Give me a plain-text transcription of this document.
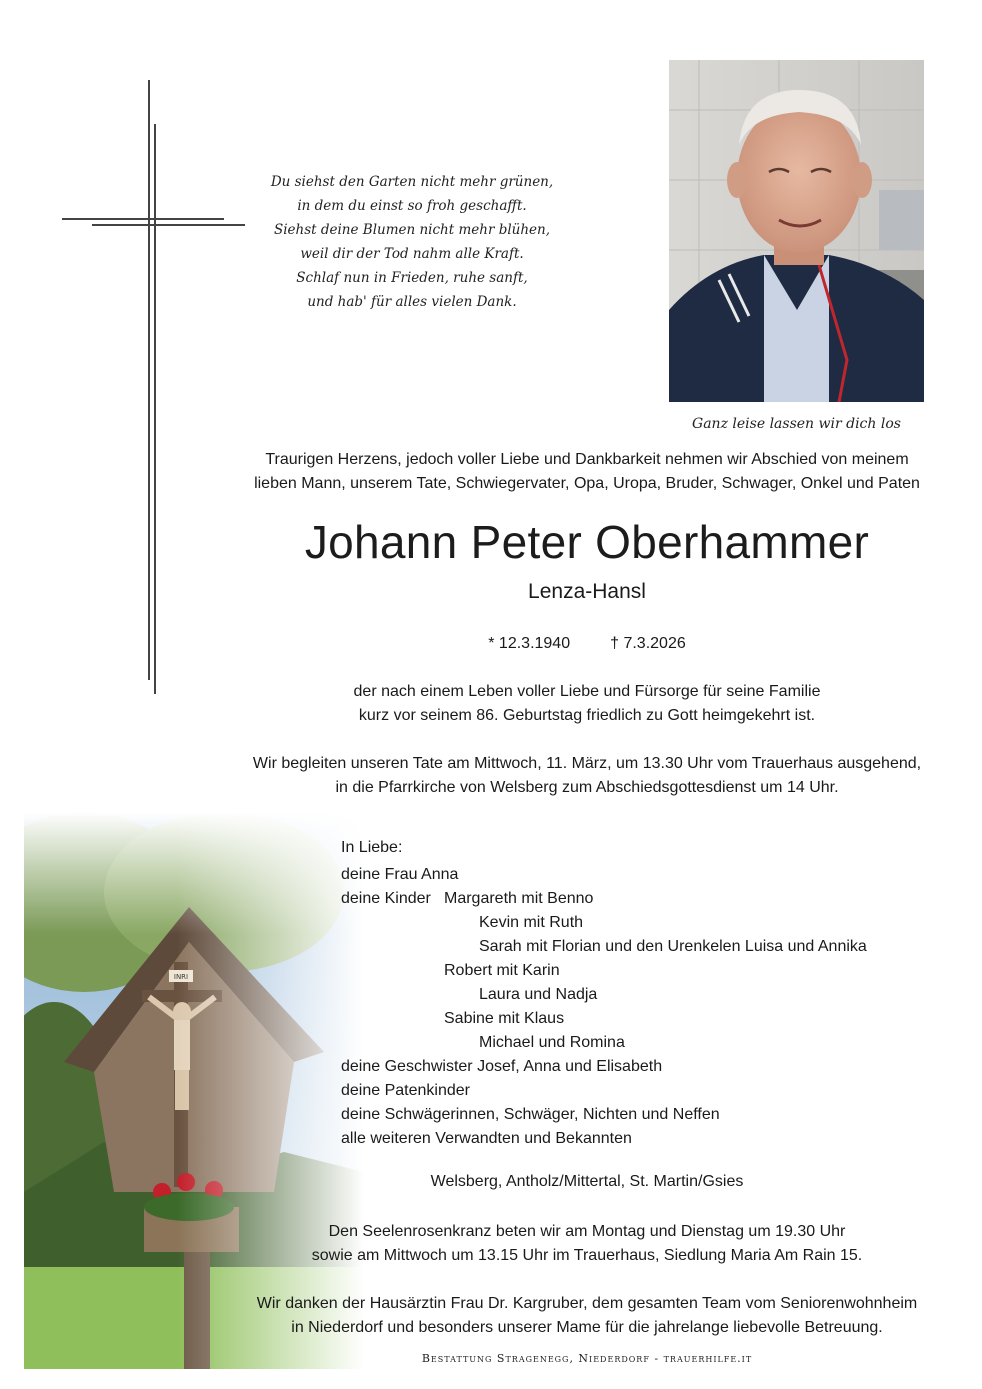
Du siehst den Garten nicht mehr grünen,
in dem du einst so froh geschafft.
Siehst deine Blumen nicht mehr blühen,
weil dir der Tod nahm alle Kraft.
Schlaf nun in Frieden, ruhe sanft,
und hab' für alles vielen Dank.
Ganz leise lassen wir dich los
Traurigen Herzens, jedoch voller Liebe und Dankbarkeit nehmen wir Abschied von meinem
lieben Mann, unserem Tate, Schwiegervater, Opa, Uropa, Bruder, Schwager, Onkel und Paten
Johann Peter Oberhammer
Lenza-Hansl
* 12.3.1940	† 7.3.2026
der nach einem Leben voller Liebe und Fürsorge für seine Familie
kurz vor seinem 86. Geburtstag friedlich zu Gott heimgekehrt ist.
Wir begleiten unseren Tate am Mittwoch, 11. März, um 13.30 Uhr vom Trauerhaus ausgehend,
in die Pfarrkirche von Welsberg zum Abschiedsgottesdienst um 14 Uhr.
In Liebe:
deine Frau Anna
deine Kinder Margareth mit Benno
Kevin mit Ruth
Sarah mit Florian und den Urenkelen Luisa und Annika
Robert mit Karin
Laura und Nadja
Sabine mit Klaus
Michael und Romina
deine Geschwister Josef, Anna und Elisabeth
deine Patenkinder
deine Schwägerinnen, Schwäger, Nichten und Neffen
alle weiteren Verwandten und Bekannten
Welsberg, Antholz/Mittertal, St. Martin/Gsies
Den Seelenrosenkranz beten wir am Montag und Dienstag um 19.30 Uhr
sowie am Mittwoch um 13.15 Uhr im Trauerhaus, Siedlung Maria Am Rain 15.
Wir danken der Hausärztin Frau Dr. Kargruber, dem gesamten Team vom Seniorenwohnheim
in Niederdorf und besonders unserer Mame für die jahrelange liebevolle Betreuung.
Bestattung Stragenegg, Niederdorf - trauerhilfe.it
